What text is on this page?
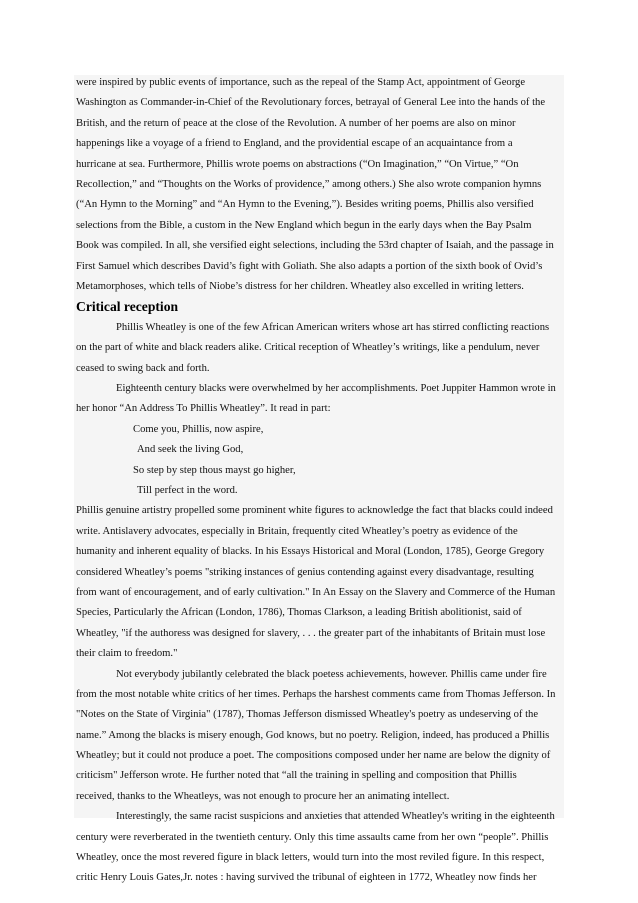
were inspired by public events of importance, such as the repeal of the Stamp Act, appointment of George
Washington as Commander-in-Chief of the Revolutionary forces, betrayal of General Lee into the hands of the
British, and the return of peace at the close of the Revolution. A number of her poems are also on minor
happenings like a voyage of a friend to England, and the providential escape of an acquaintance from a
hurricane at sea. Furthermore, Phillis wrote poems on abstractions (“On Imagination,” “On Virtue,” “On
Recollection,” and “Thoughts on the Works of providence,” among others.) She also wrote companion hymns
(“An Hymn to the Morning” and “An Hymn to the Evening,”). Besides writing poems, Phillis also versified
selections from the Bible, a custom in the New England which begun in the early days when the Bay Psalm
Book was compiled. In all, she versified eight selections, including the 53rd chapter of Isaiah, and the passage in
First Samuel which describes David’s fight with Goliath. She also adapts a portion of the sixth book of Ovid’s
Metamorphoses, which tells of Niobe’s distress for her children. Wheatley also excelled in writing letters.

Critical reception

Phillis Wheatley is one of the few African American writers whose art has stirred conflicting reactions
on the part of white and black readers alike. Critical reception of Wheatley’s writings, like a pendulum, never
ceased to swing back and forth.

Eighteenth century blacks were overwhelmed by her accomplishments. Poet Juppiter Hammon wrote in
her honor “An Address To Phillis Wheatley”. It read in part:

Come you, Phillis, now aspire,
And seek the living God,
So step by step thous mayst go higher,
Till perfect in the word.

Phillis genuine artistry propelled some prominent white figures to acknowledge the fact that blacks could indeed
write. Antislavery advocates, especially in Britain, frequently cited Wheatley’s poetry as evidence of the
humanity and inherent equality of blacks. In his Essays Historical and Moral (London, 1785), George Gregory
considered Wheatley’s poems "striking instances of genius contending against every disadvantage, resulting
from want of encouragement, and of early cultivation." In An Essay on the Slavery and Commerce of the Human
Species, Particularly the African (London, 1786), Thomas Clarkson, a leading British abolitionist, said of
Wheatley, "if the authoress was designed for slavery, . . . the greater part of the inhabitants of Britain must lose
their claim to freedom."

Not everybody jubilantly celebrated the black poetess achievements, however. Phillis came under fire
from the most notable white critics of her times. Perhaps the harshest comments came from Thomas Jefferson. In
"Notes on the State of Virginia" (1787), Thomas Jefferson dismissed Wheatley's poetry as undeserving of the
name.” Among the blacks is misery enough, God knows, but no poetry. Religion, indeed, has produced a Phillis
Wheatley; but it could not produce a poet. The compositions composed under her name are below the dignity of
criticism" Jefferson wrote. He further noted that “all the training in spelling and composition that Phillis
received, thanks to the Wheatleys, was not enough to procure her an animating intellect.

Interestingly, the same racist suspicions and anxieties that attended Wheatley's writing in the eighteenth
century were reverberated in the twentieth century. Only this time assaults came from her own “people”. Phillis
Wheatley, once the most revered figure in black letters, would turn into the most reviled figure. In this respect,
critic Henry Louis Gates,Jr. notes : having survived the tribunal of eighteen in 1772, Wheatley now finds her
